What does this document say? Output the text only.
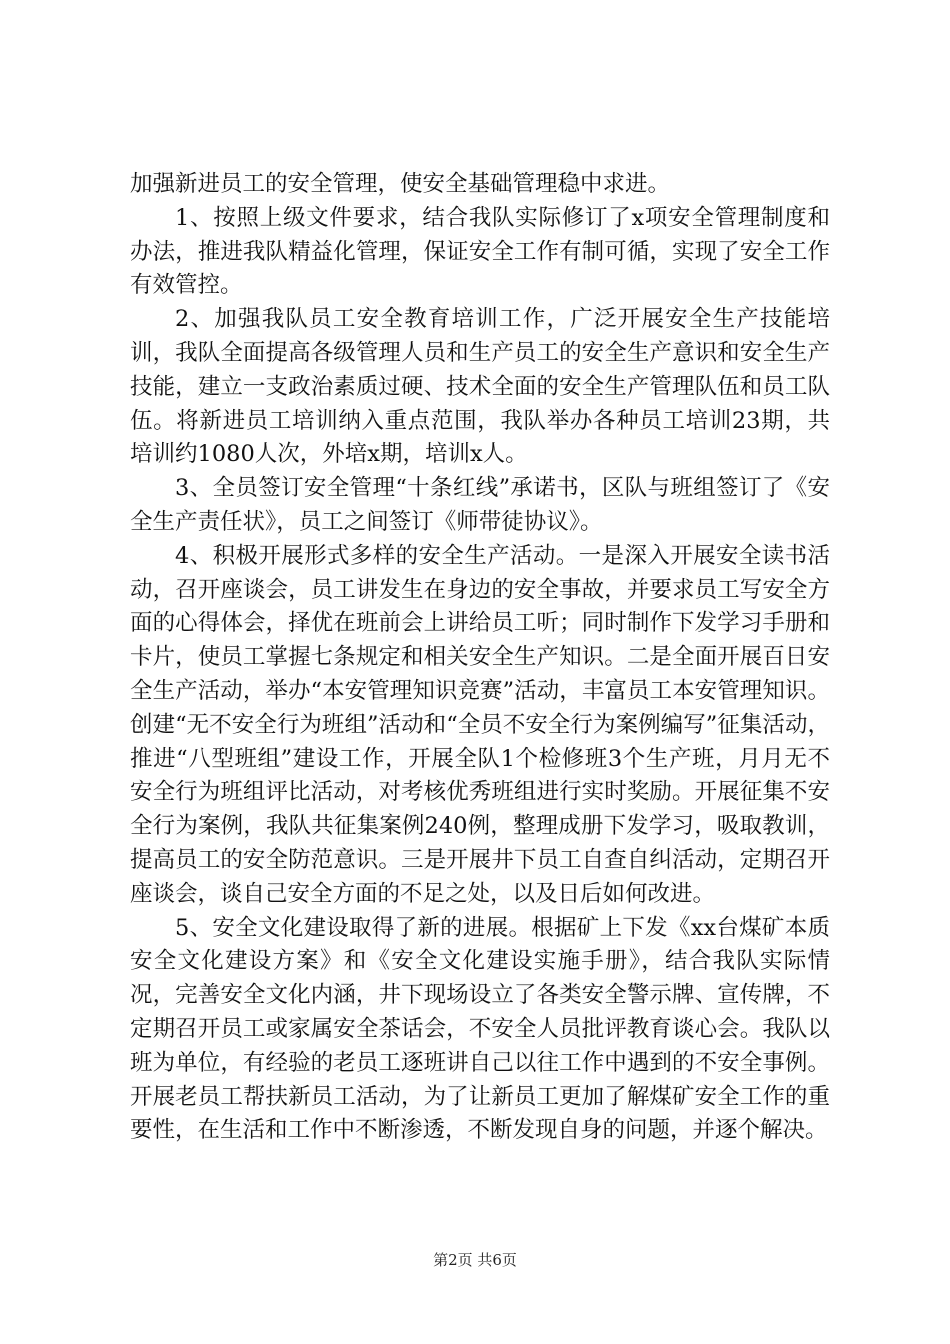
加强新进员工的安全管理，使安全基础管理稳中求进。

1、按照上级文件要求，结合我队实际修订了x项安全管理制度和办法，推进我队精益化管理，保证安全工作有制可循，实现了安全工作有效管控。

2、加强我队员工安全教育培训工作，广泛开展安全生产技能培训，我队全面提高各级管理人员和生产员工的安全生产意识和安全生产技能，建立一支政治素质过硬、技术全面的安全生产管理队伍和员工队伍。将新进员工培训纳入重点范围，我队举办各种员工培训23期，共培训约1080人次，外培x期，培训x人。

3、全员签订安全管理“十条红线”承诺书，区队与班组签订了《安全生产责任状》，员工之间签订《师带徒协议》。

4、积极开展形式多样的安全生产活动。一是深入开展安全读书活动，召开座谈会，员工讲发生在身边的安全事故，并要求员工写安全方面的心得体会，择优在班前会上讲给员工听；同时制作下发学习手册和卡片，使员工掌握七条规定和相关安全生产知识。二是全面开展百日安全生产活动，举办“本安管理知识竞赛”活动，丰富员工本安管理知识。创建“无不安全行为班组”活动和“全员不安全行为案例编写”征集活动，推进“八型班组”建设工作，开展全队1个检修班3个生产班，月月无不安全行为班组评比活动，对考核优秀班组进行实时奖励。开展征集不安全行为案例，我队共征集案例240例，整理成册下发学习，吸取教训，提高员工的安全防范意识。三是开展井下员工自查自纠活动，定期召开座谈会，谈自己安全方面的不足之处，以及日后如何改进。

5、安全文化建设取得了新的进展。根据矿上下发《xx台煤矿本质安全文化建设方案》和《安全文化建设实施手册》，结合我队实际情况，完善安全文化内涵，井下现场设立了各类安全警示牌、宣传牌，不定期召开员工或家属安全茶话会，不安全人员批评教育谈心会。我队以班为单位，有经验的老员工逐班讲自己以往工作中遇到的不安全事例。开展老员工帮扶新员工活动，为了让新员工更加了解煤矿安全工作的重要性，在生活和工作中不断渗透，不断发现自身的问题，并逐个解决。

第2页 共6页
